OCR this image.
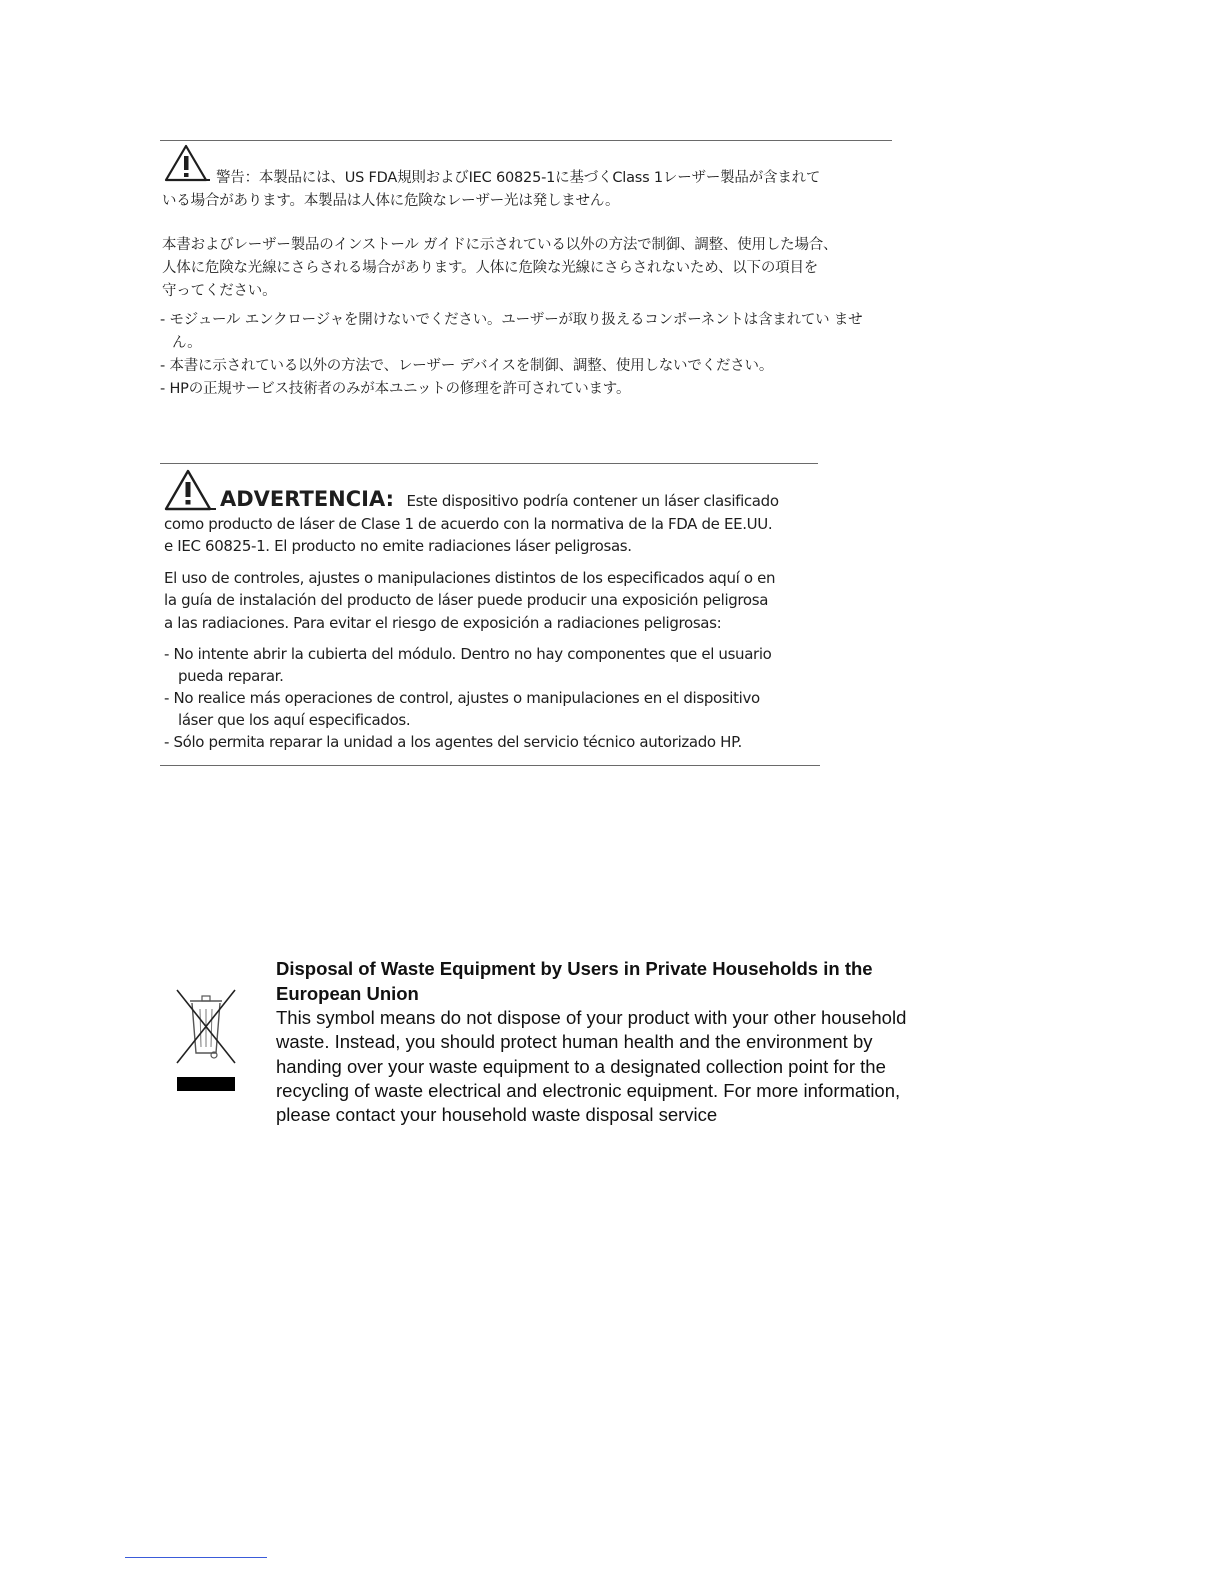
警告：本製品には、US FDA規則およびIEC 60825-1に基づくClass 1レーザー製品が含まれて

いる場合があります。本製品は人体に危険なレーザー光は発しません。

本書およびレーザー製品のインストール ガイドに示されている以外の方法で制御、調整、使用した場合、

人体に危険な光線にさらされる場合があります。人体に危険な光線にさらされないため、以下の項目を

守ってください。

- モジュール エンクロージャを開けないでください。ユーザーが取り扱えるコンポーネントは含まれてい ません。
- 本書に示されている以外の方法で、レーザー デバイスを制御、調整、使用しないでください。
- HPの正規サービス技術者のみが本ユニットの修理を許可されています。

ADVERTENCIA: Este dispositivo podría contener un láser clasificado

como producto de láser de Clase 1 de acuerdo con la normativa de la FDA de EE.UU.

e IEC 60825-1. El producto no emite radiaciones láser peligrosas.

El uso de controles, ajustes o manipulaciones distintos de los especificados aquí o en

la guía de instalación del producto de láser puede producir una exposición peligrosa

a las radiaciones. Para evitar el riesgo de exposición a radiaciones peligrosas:

- No intente abrir la cubierta del módulo. Dentro no hay componentes que el usuario pueda reparar.
- No realice más operaciones de control, ajustes o manipulaciones en el dispositivo láser que los aquí especificados.
- Sólo permita reparar la unidad a los agentes del servicio técnico autorizado HP.
Disposal of Waste Equipment by Users in Private Households in the
European Union

This symbol means do not dispose of your product with your other household

waste. Instead, you should protect human health and the environment by

handing over your waste equipment to a designated collection point for the

recycling of waste electrical and electronic equipment. For more information,

please contact your household waste disposal service
